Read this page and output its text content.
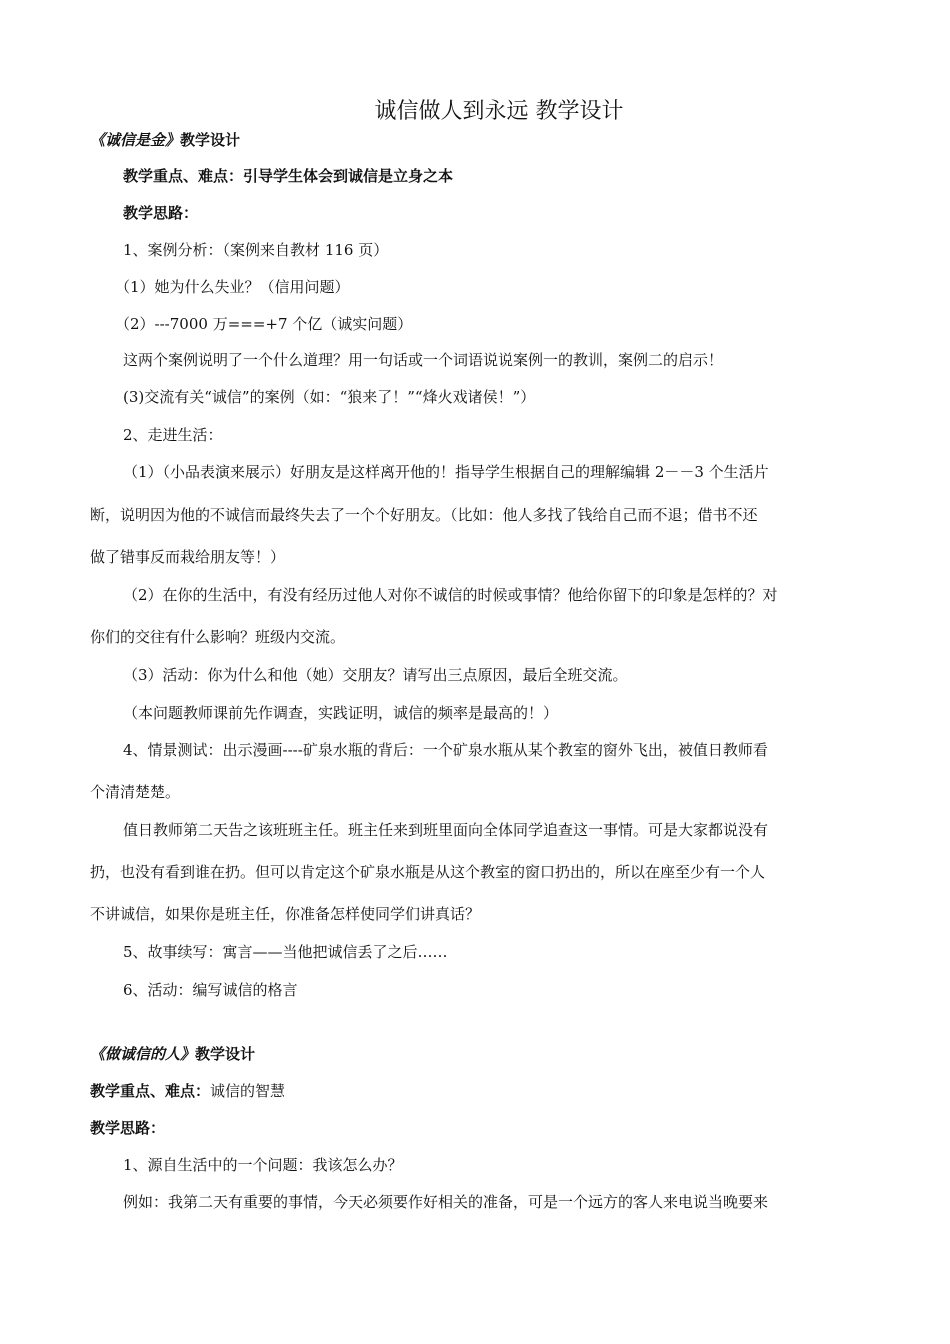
诚信做人到永远 教学设计
《诚信是金》教学设计
教学重点、难点：引导学生体会到诚信是立身之本
教学思路：
1、案例分析：（案例来自教材 116 页）
（1）她为什么失业？（信用问题）
（2）---7000 万===+7 个亿（诚实问题）
这两个案例说明了一个什么道理？用一句话或一个词语说说案例一的教训，案例二的启示！
(3)交流有关“诚信”的案例（如：“狼来了！”“烽火戏诸侯！”）
2、走进生活：
（1）（小品表演来展示）好朋友是这样离开他的！指导学生根据自己的理解编辑 2－－3 个生活片
断，说明因为他的不诚信而最终失去了一个个好朋友。（比如：他人多找了钱给自己而不退；借书不还
做了错事反而栽给朋友等！）
（2）在你的生活中，有没有经历过他人对你不诚信的时候或事情？他给你留下的印象是怎样的？对
你们的交往有什么影响？班级内交流。
（3）活动：你为什么和他（她）交朋友？请写出三点原因，最后全班交流。
（本问题教师课前先作调查，实践证明，诚信的频率是最高的！）
4、情景测试：出示漫画----矿泉水瓶的背后：一个矿泉水瓶从某个教室的窗外飞出，被值日教师看
个清清楚楚。
值日教师第二天告之该班班主任。班主任来到班里面向全体同学追查这一事情。可是大家都说没有
扔，也没有看到谁在扔。但可以肯定这个矿泉水瓶是从这个教室的窗口扔出的，所以在座至少有一个人
不讲诚信，如果你是班主任，你准备怎样使同学们讲真话？
5、故事续写：寓言——当他把诚信丢了之后……
6、活动：编写诚信的格言
《做诚信的人》教学设计
教学重点、难点：诚信的智慧
教学思路：
1、源自生活中的一个问题：我该怎么办？
例如：我第二天有重要的事情，今天必须要作好相关的准备，可是一个远方的客人来电说当晚要来
